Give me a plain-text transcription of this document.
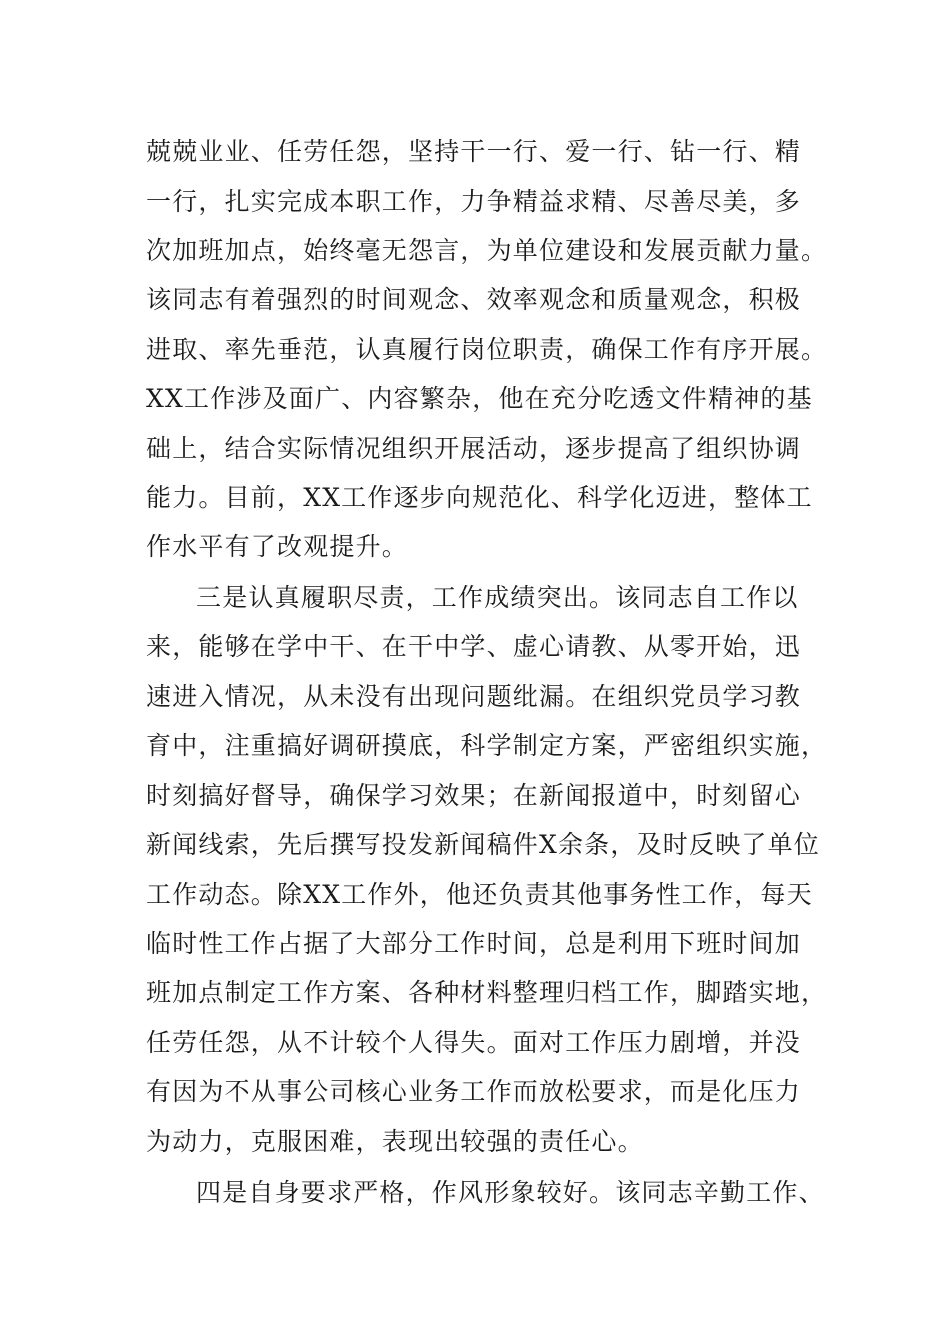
兢兢业业、任劳任怨，坚持干一行、爱一行、钻一行、精
一行，扎实完成本职工作，力争精益求精、尽善尽美，多
次加班加点，始终毫无怨言，为单位建设和发展贡献力量。
该同志有着强烈的时间观念、效率观念和质量观念，积极
进取、率先垂范，认真履行岗位职责，确保工作有序开展。
XX工作涉及面广、内容繁杂，他在充分吃透文件精神的基
础上，结合实际情况组织开展活动，逐步提高了组织协调
能力。目前，XX工作逐步向规范化、科学化迈进，整体工
作水平有了改观提升。
三是认真履职尽责，工作成绩突出。该同志自工作以
来，能够在学中干、在干中学、虚心请教、从零开始，迅
速进入情况，从未没有出现问题纰漏。在组织党员学习教
育中，注重搞好调研摸底，科学制定方案，严密组织实施，
时刻搞好督导，确保学习效果；在新闻报道中，时刻留心
新闻线索，先后撰写投发新闻稿件X余条，及时反映了单位
工作动态。除XX工作外，他还负责其他事务性工作，每天
临时性工作占据了大部分工作时间，总是利用下班时间加
班加点制定工作方案、各种材料整理归档工作，脚踏实地，
任劳任怨，从不计较个人得失。面对工作压力剧增，并没
有因为不从事公司核心业务工作而放松要求，而是化压力
为动力，克服困难，表现出较强的责任心。
四是自身要求严格，作风形象较好。该同志辛勤工作、
